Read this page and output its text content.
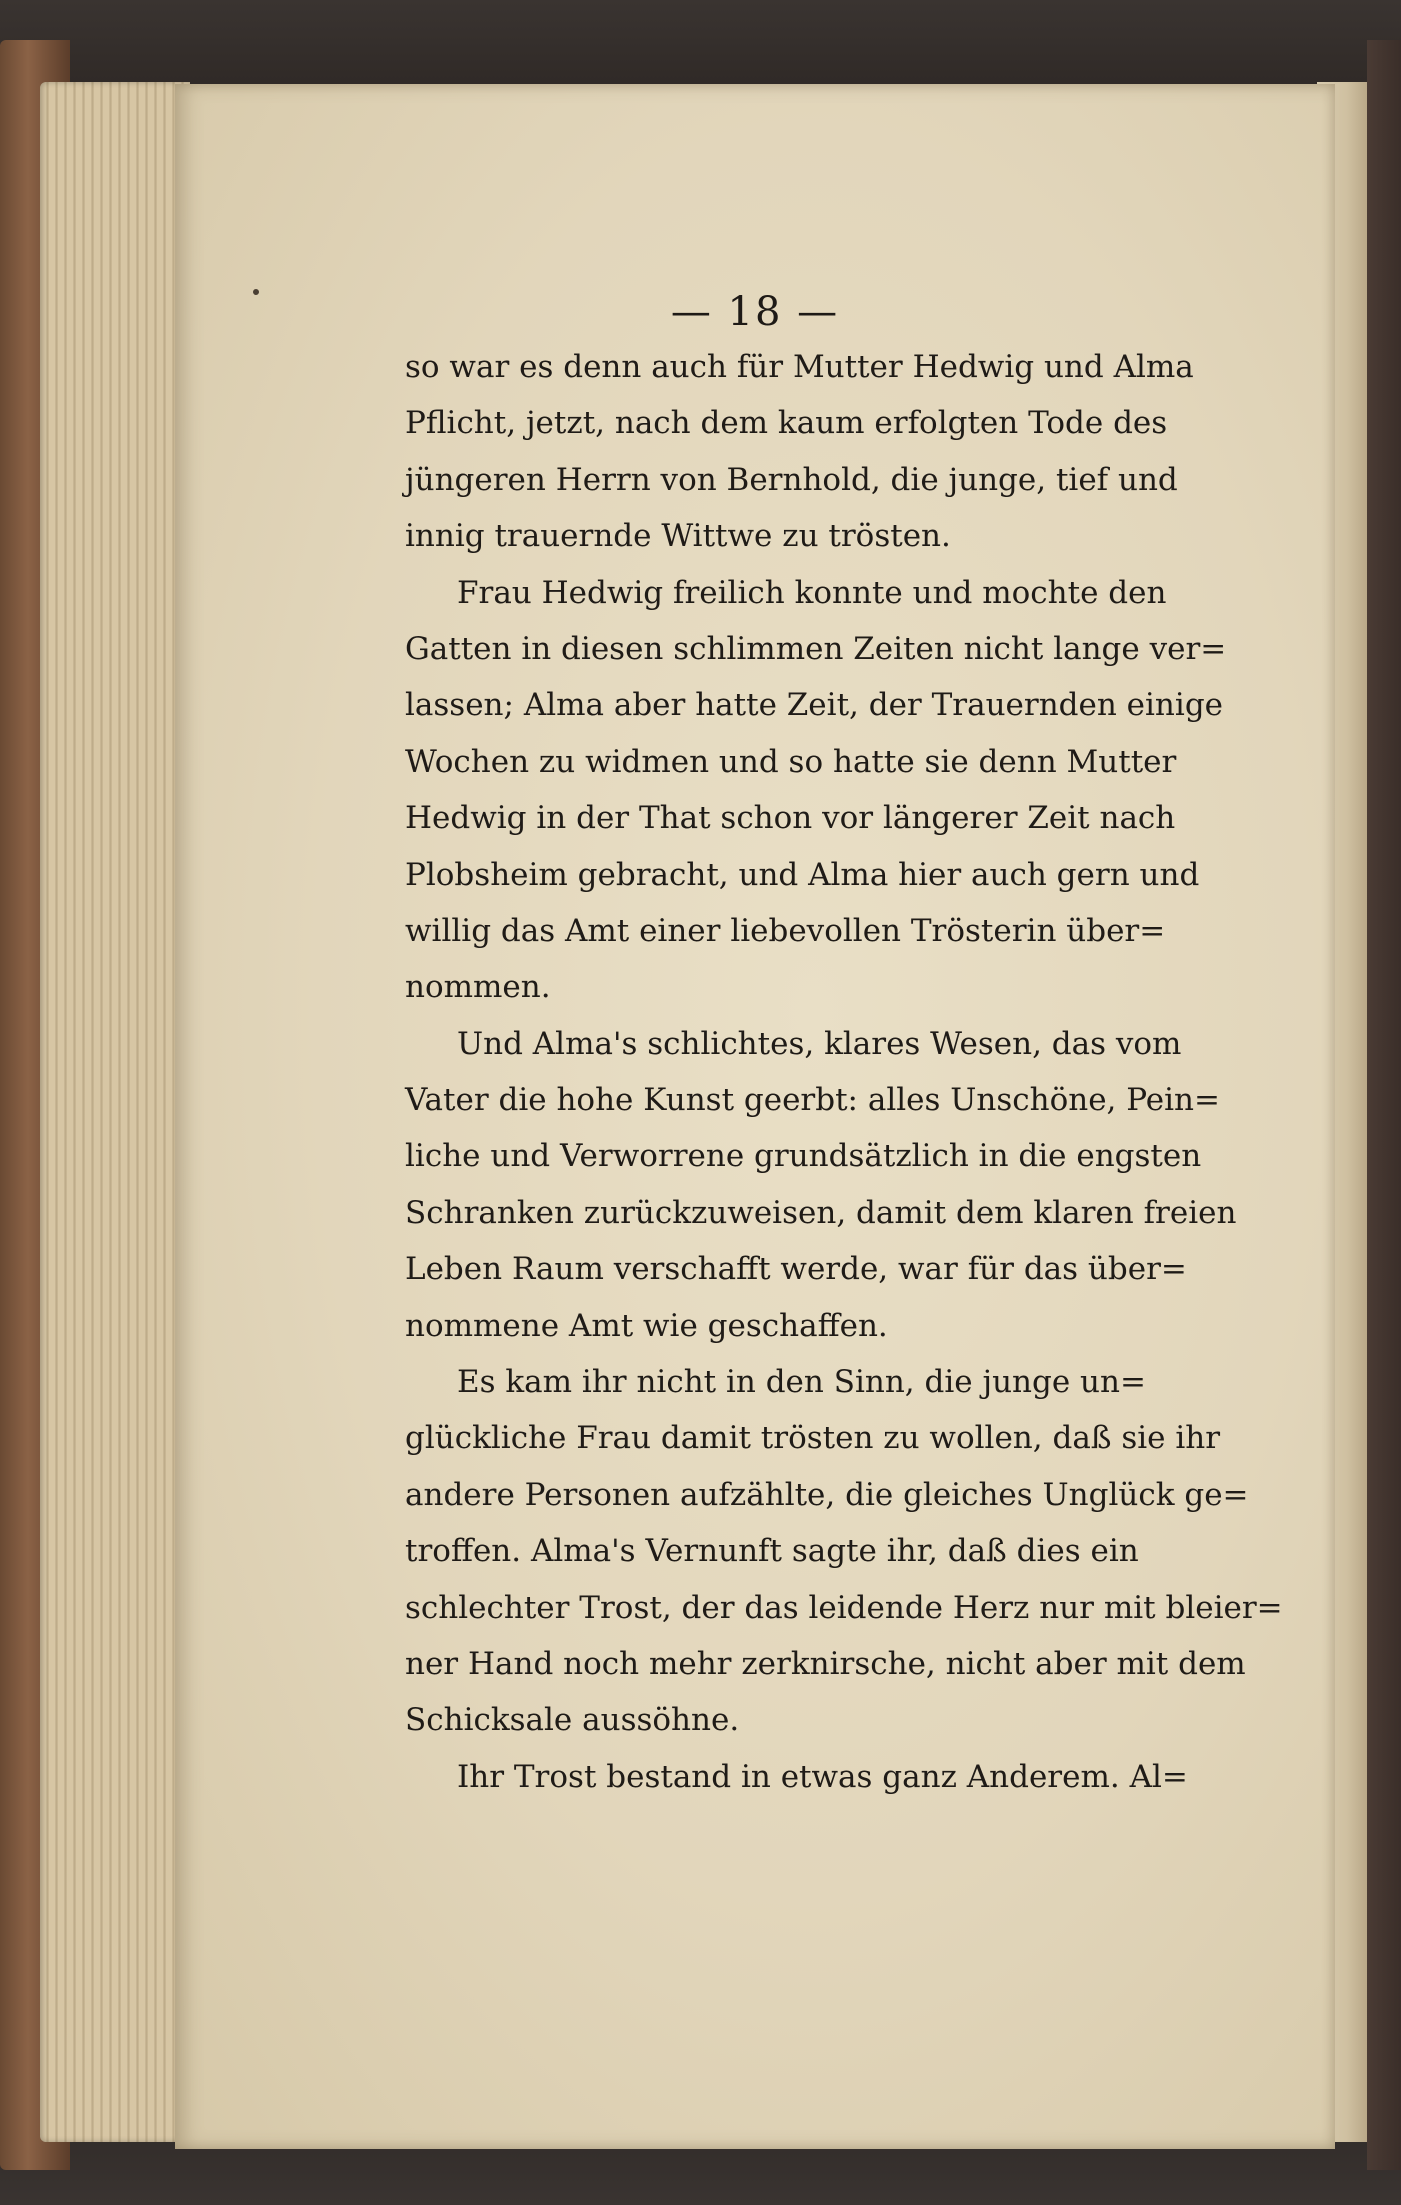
— 18 —
so war es denn auch für Mutter Hedwig und Alma
Pflicht, jetzt, nach dem kaum erfolgten Tode des
jüngeren Herrn von Bernhold, die junge, tief und
innig trauernde Wittwe zu trösten.
Frau Hedwig freilich konnte und mochte den
Gatten in diesen schlimmen Zeiten nicht lange ver=
lassen; Alma aber hatte Zeit, der Trauernden einige
Wochen zu widmen und so hatte sie denn Mutter
Hedwig in der That schon vor längerer Zeit nach
Plobsheim gebracht, und Alma hier auch gern und
willig das Amt einer liebevollen Trösterin über=
nommen.
Und Alma's schlichtes, klares Wesen, das vom
Vater die hohe Kunst geerbt: alles Unschöne, Pein=
liche und Verworrene grundsätzlich in die engsten
Schranken zurückzuweisen, damit dem klaren freien
Leben Raum verschafft werde, war für das über=
nommene Amt wie geschaffen.
Es kam ihr nicht in den Sinn, die junge un=
glückliche Frau damit trösten zu wollen, daß sie ihr
andere Personen aufzählte, die gleiches Unglück ge=
troffen. Alma's Vernunft sagte ihr, daß dies ein
schlechter Trost, der das leidende Herz nur mit bleier=
ner Hand noch mehr zerknirsche, nicht aber mit dem
Schicksale aussöhne.
Ihr Trost bestand in etwas ganz Anderem. Al=
